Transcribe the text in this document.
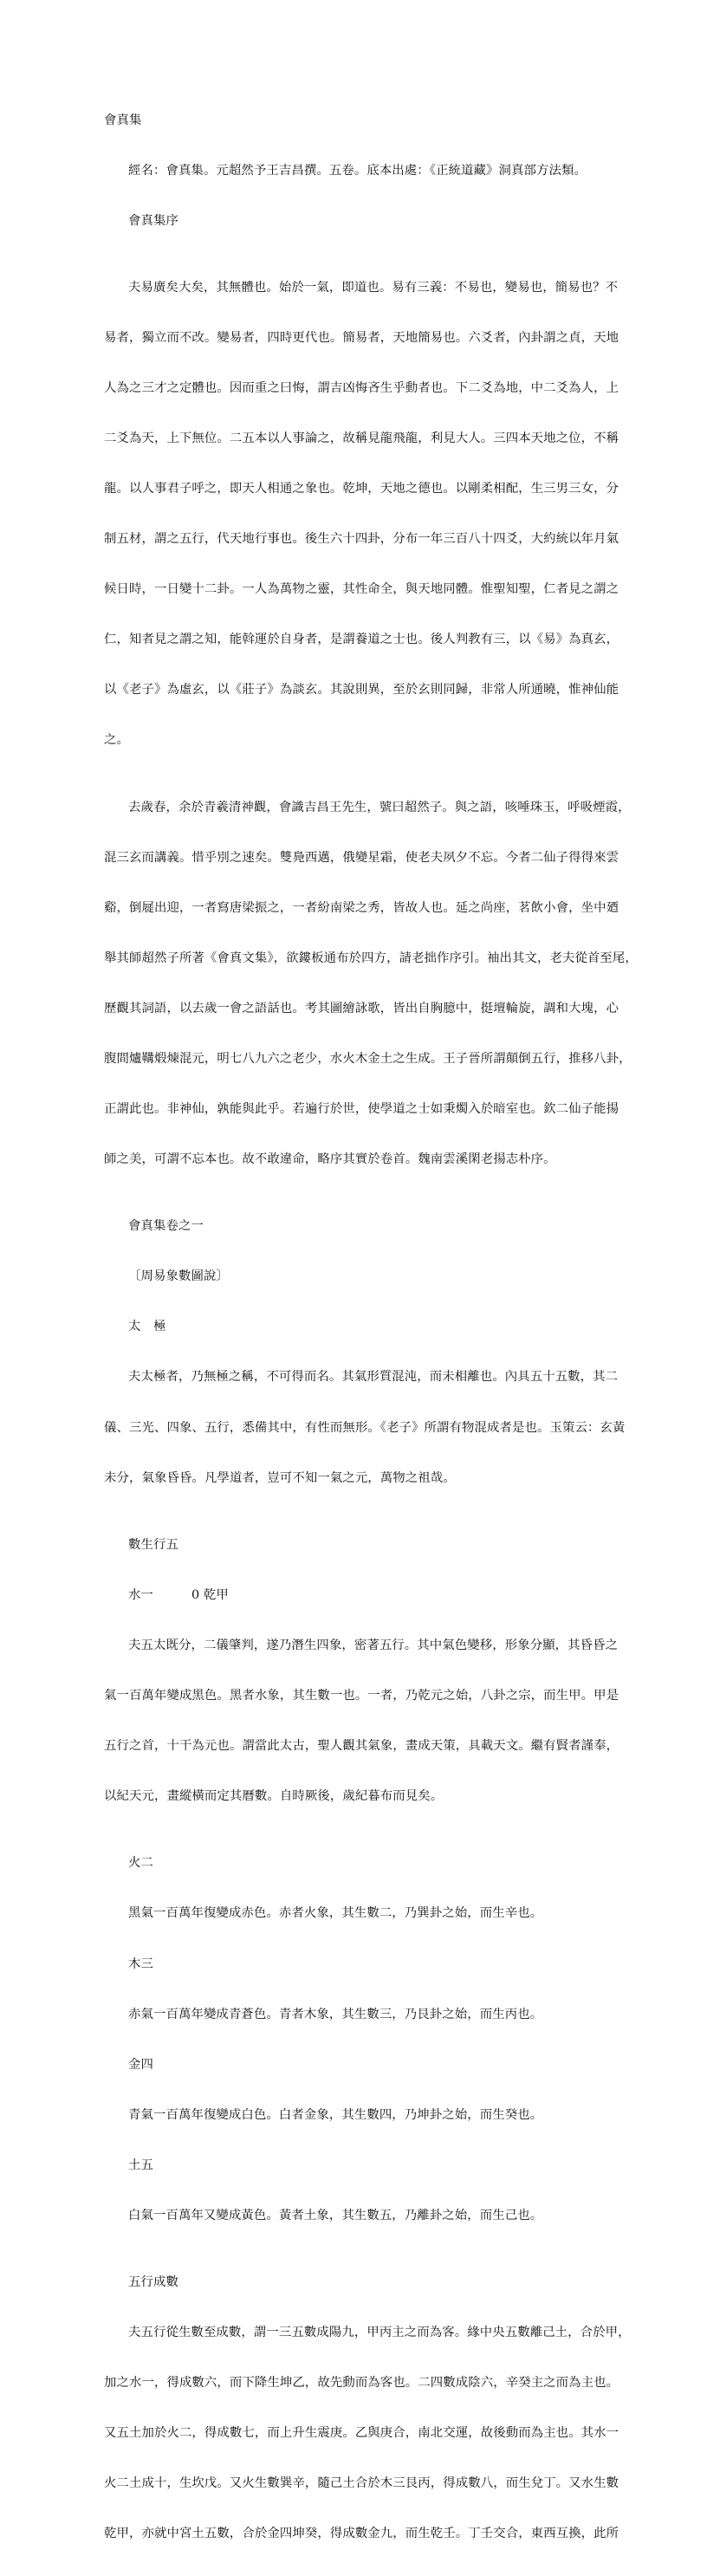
會真集

經名：會真集。元超然予王吉昌撰。五卷。底本出處：《正統道藏》洞真部方法類。

會真集序

夫易廣矣大矣，其無體也。始於一氣，即道也。易有三義：不易也，變易也，簡易也？不

易者，獨立而不改。變易者，四時更代也。簡易者，天地簡易也。六爻者，內卦謂之貞，天地

人為之三才之定體也。因而重之曰悔，謂吉凶悔吝生乎動者也。下二爻為地，中二爻為人，上

二爻為天，上下無位。二五本以人事論之，故稱見龍飛龍，利見大人。三四本天地之位，不稱

龍。以人事君子呼之，即天人相通之象也。乾坤，天地之德也。以剛柔相配，生三男三女，分

制五材，謂之五行，代天地行事也。後生六十四卦，分布一年三百八十四爻，大約統以年月氣

候日時，一日變十二卦。一人為萬物之靈，其性命全，與天地同體。惟聖知聖，仁者見之謂之

仁，知者見之謂之知，能斡運於自身者，是謂養道之士也。後人判教有三，以《易》為真玄，

以《老子》為虛玄，以《莊子》為談玄。其說則異，至於玄則同歸，非常人所通曉，惟神仙能

之。

去歲春，余於青羲清神觀，會識吉昌王先生，號曰超然子。與之語，咳唾珠玉，呼吸煙霞，

混三玄而講義。惜乎別之速矣。雙鳧西邁，俄變星霜，使老夫夙夕不忘。今者二仙子得得來雲

谿，倒屣出迎，一者寫唐梁振之，一者紛南梁之秀，皆故人也。延之尚座，茗飲小會，坐中廼

舉其師超然子所著《會真文集》，欲鏤板通布於四方，請老拙作序引。袖出其文，老夫從首至尾，

歷觀其詞語，以去歲一會之語話也。考其圖繪詠歌，皆出自胸臆中，挺壇輪旋，調和大塊，心

腹間爐鞲煅煉混元，明七八九六之老少，水火木金土之生成。王子晉所謂顛倒五行，推移八卦，

正謂此也。非神仙，孰能與此乎。若遍行於世，使學道之士如秉燭入於暗室也。欽二仙子能揚

師之美，可謂不忘本也。故不敢違命，略序其實於卷首。魏南雲溪閑老揚志朴序。

會真集卷之一

〔周易象數圖說〕

太　極

夫太極者，乃無極之稱，不可得而名。其氣形質混沌，而未相離也。內具五十五數，其二

儀、三光、四象、五行，悉備其中，有性而無形。《老子》所謂有物混成者是也。玉策云：玄黃

未分，氣象昏昏。凡學道者，豈可不知一氣之元，萬物之祖哉。

數生行五

水一	0 乾甲

夫五太既分，二儀肇判，遂乃潛生四象，密著五行。其中氣色變移，形象分顯，其昏昏之

氣一百萬年變成黑色。黑者水象，其生數一也。一者，乃乾元之始，八卦之宗，而生甲。甲是

五行之首，十干為元也。謂當此太古，聖人觀其氣象，畫成天策，具載天文。繼有賢者謹奉，

以紀天元，畫縱橫而定其曆數。自時厥後，歲紀暮布而見矣。

火二

黑氣一百萬年復變成赤色。赤者火象，其生數二，乃巽卦之始，而生辛也。

木三

赤氣一百萬年變成青蒼色。青者木象，其生數三，乃艮卦之始，而生丙也。

金四

青氣一百萬年復變成白色。白者金象，其生數四，乃坤卦之始，而生癸也。

土五

白氣一百萬年又變成黃色。黃者土象，其生數五，乃離卦之始，而生己也。

五行成數

夫五行從生數至成數，謂一三五數成陽九，甲丙主之而為客。緣中央五數離己土，合於甲，

加之水一，得成數六，而下降生坤乙，故先動而為客也。二四數成陰六，辛癸主之而為主也。

又五土加於火二，得成數七，而上升生震庚。乙與庚合，南北交運，故後動而為主也。其水一

火二土成十，生坎戊。又火生數巽辛，隨己土合於木三艮丙，得成數八，而生兌丁。又水生數

乾甲，亦就中宮土五數，合於金四坤癸，得成數金九，而生乾壬。丁壬交合，東西互換，此所
